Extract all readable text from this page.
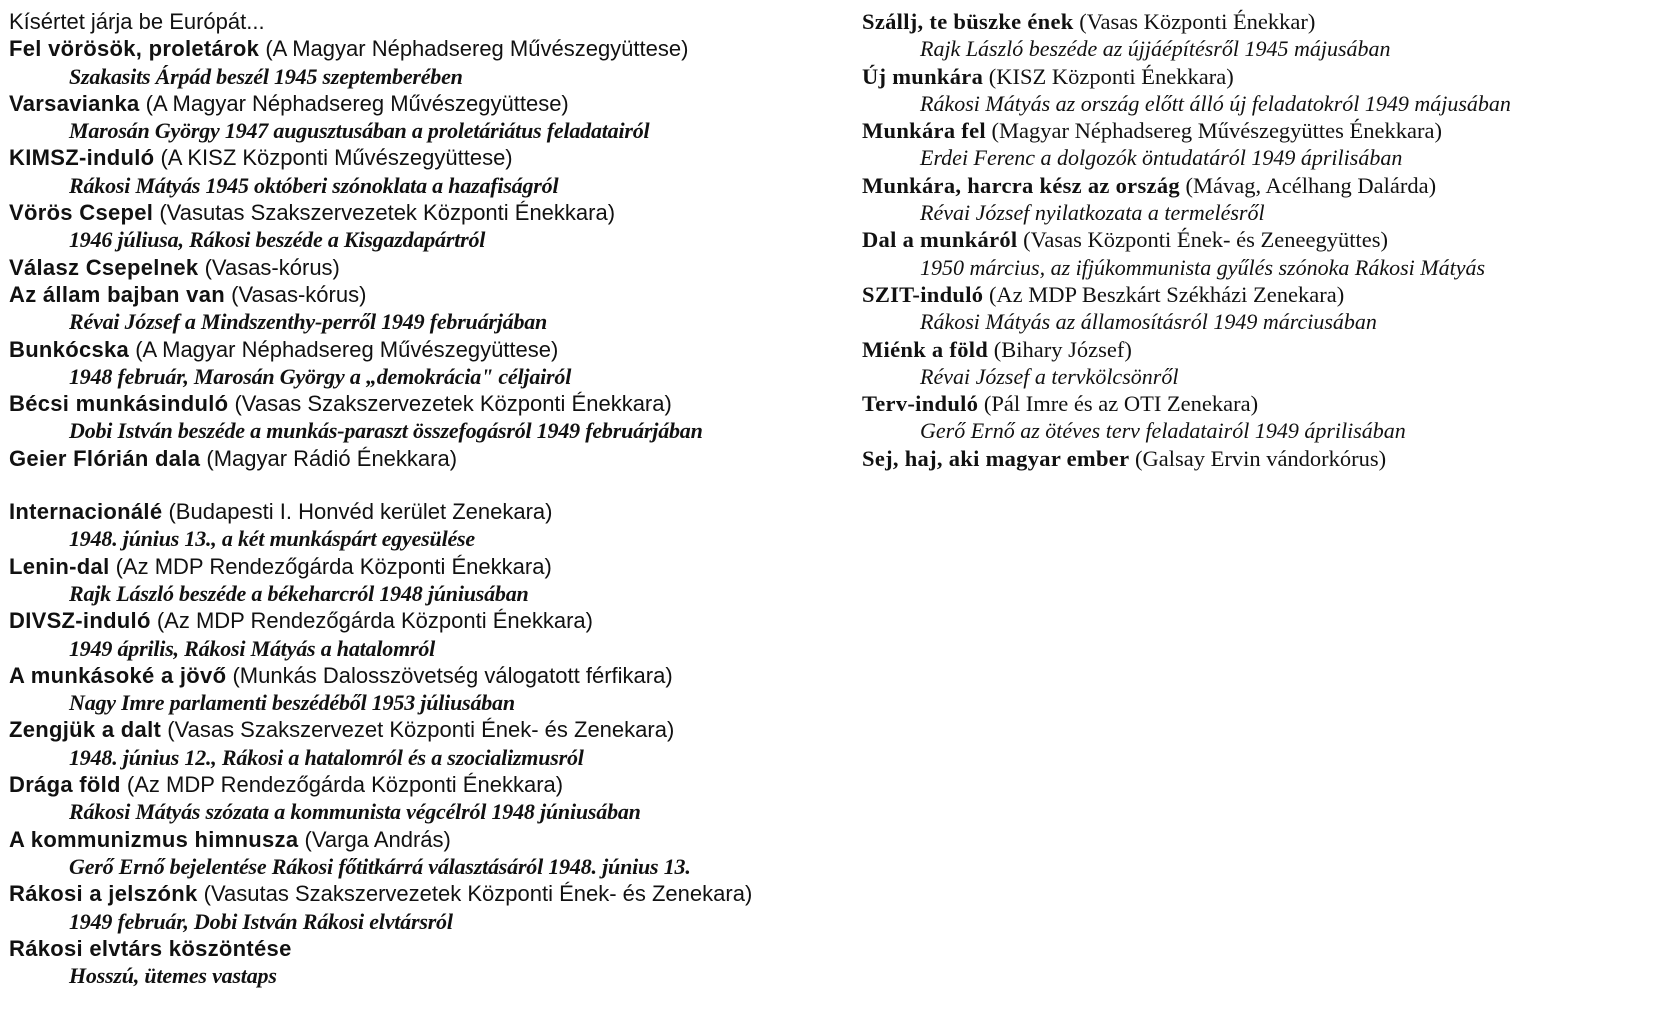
Kísértet járja be Európát...
Fel vörösök, proletárok (A Magyar Néphadsereg Művészegyüttese)
Szakasits Árpád beszél 1945 szeptemberében
Varsavianka (A Magyar Néphadsereg Művészegyüttese)
Marosán György 1947 augusztusában a proletáriátus feladatairól
KIMSZ-induló (A KISZ Központi Művészegyüttese)
Rákosi Mátyás 1945 októberi szónoklata a hazafiságról
Vörös Csepel (Vasutas Szakszervezetek Központi Énekkara)
1946 júliusa, Rákosi beszéde a Kisgazdapártról
Válasz Csepelnek (Vasas-kórus)
Az állam bajban van (Vasas-kórus)
Révai József a Mindszenthy-perről 1949 februárjában
Bunkócska (A Magyar Néphadsereg Művészegyüttese)
1948 február, Marosán György a „demokrácia" céljairól
Bécsi munkásinduló (Vasas Szakszervezetek Központi Énekkara)
Dobi István beszéde a munkás-paraszt összefogásról 1949 februárjában
Geier Flórián dala (Magyar Rádió Énekkara)
Internacionálé (Budapesti I. Honvéd kerület Zenekara)
1948. június 13., a két munkáspárt egyesülése
Lenin-dal (Az MDP Rendezőgárda Központi Énekkara)
Rajk László beszéde a békeharcról 1948 júniusában
DIVSZ-induló (Az MDP Rendezőgárda Központi Énekkara)
1949 április, Rákosi Mátyás a hatalomról
A munkásoké a jövő (Munkás Dalosszövetség válogatott férfikara)
Nagy Imre parlamenti beszédéből 1953 júliusában
Zengjük a dalt (Vasas Szakszervezet Központi Ének- és Zenekara)
1948. június 12., Rákosi a hatalomról és a szocializmusról
Drága föld (Az MDP Rendezőgárda Központi Énekkara)
Rákosi Mátyás szózata a kommunista végcélról 1948 júniusában
A kommunizmus himnusza (Varga András)
Gerő Ernő bejelentése Rákosi főtitkárrá választásáról 1948. június 13.
Rákosi a jelszónk (Vasutas Szakszervezetek Központi Ének- és Zenekara)
1949 február, Dobi István Rákosi elvtársról
Rákosi elvtárs köszöntése
Hosszú, ütemes vastaps
Szállj, te büszke ének (Vasas Központi Énekkar)
Rajk László beszéde az újjáépítésről 1945 májusában
Új munkára (KISZ Központi Énekkara)
Rákosi Mátyás az ország előtt álló új feladatokról 1949 májusában
Munkára fel (Magyar Néphadsereg Művészegyüttes Énekkara)
Erdei Ferenc a dolgozók öntudatáról 1949 áprilisában
Munkára, harcra kész az ország (Mávag, Acélhang Dalárda)
Révai József nyilatkozata a termelésről
Dal a munkáról (Vasas Központi Ének- és Zeneegyüttes)
1950 március, az ifjúkommunista gyűlés szónoka Rákosi Mátyás
SZIT-induló (Az MDP Beszkárt Székházi Zenekara)
Rákosi Mátyás az államosításról 1949 márciusában
Miénk a föld (Bihary József)
Révai József a tervkölcsönről
Terv-induló (Pál Imre és az OTI Zenekara)
Gerő Ernő az ötéves terv feladatairól 1949 áprilisában
Sej, haj, aki magyar ember (Galsay Ervin vándorkórus)
